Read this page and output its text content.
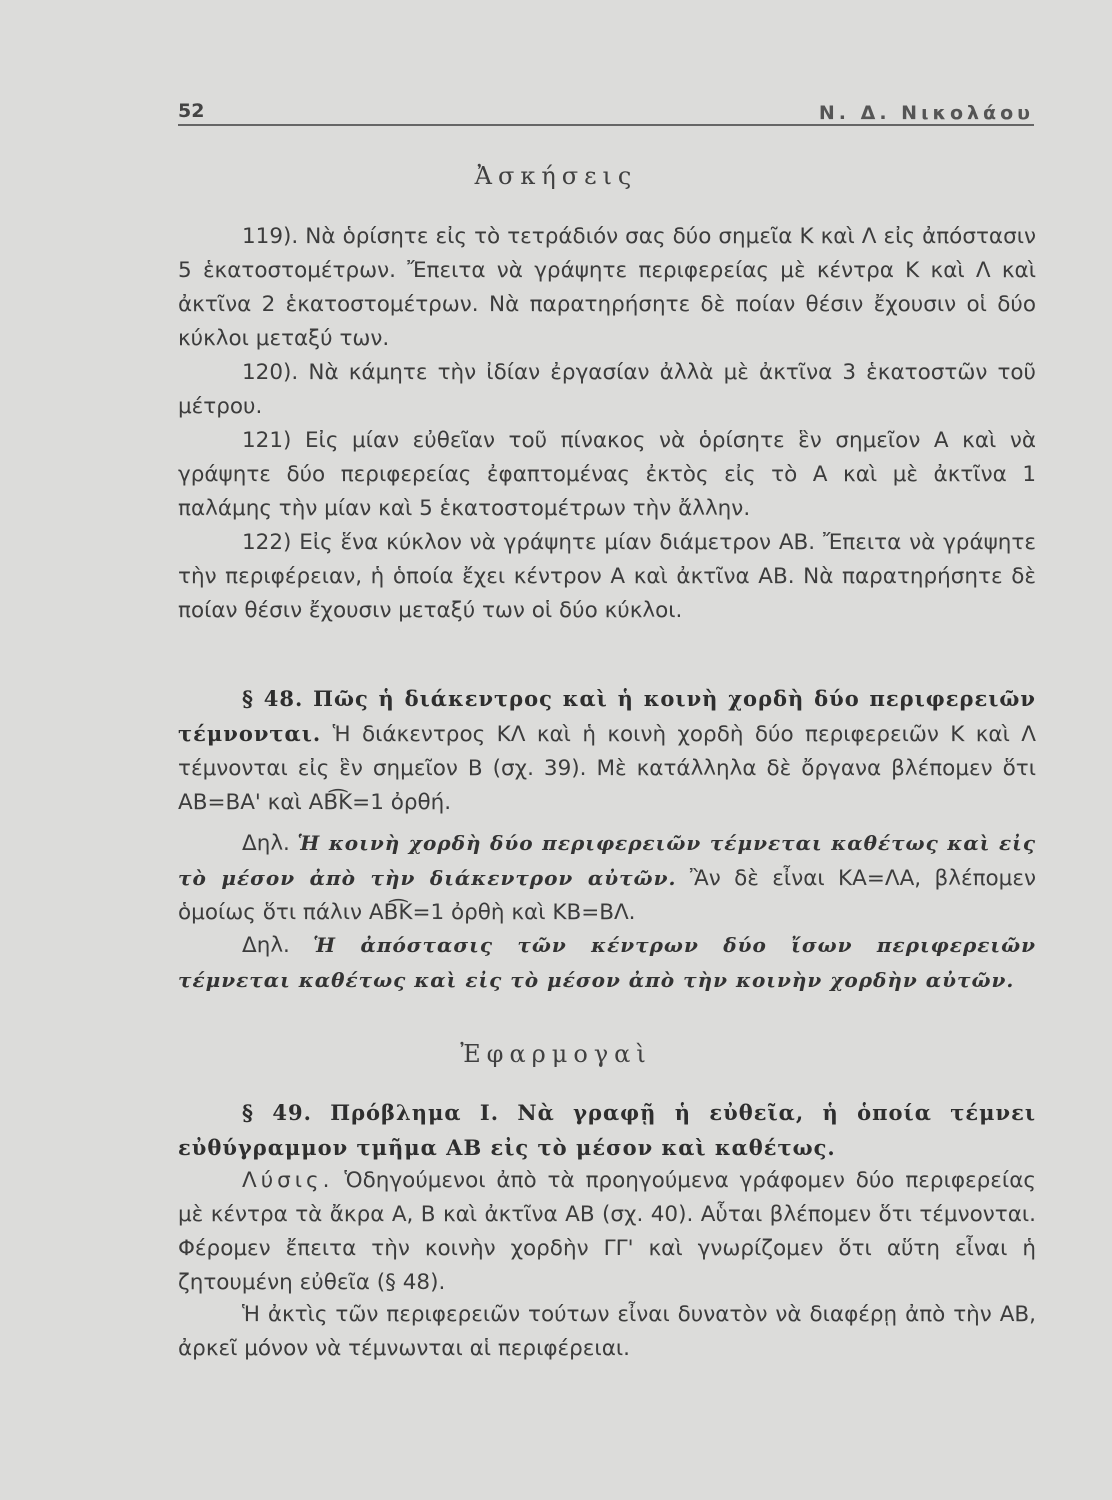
52	Ν. Δ. Νικολάου
Ἀσκήσεις

119). Νὰ ὁρίσητε εἰς τὸ τετράδιόν σας δύο σημεῖα Κ καὶ Λ εἰς ἀπόστασιν 5 ἑκατοστομέτρων. Ἔπειτα νὰ γράψητε περιφερείας μὲ κέντρα Κ καὶ Λ καὶ ἀκτῖνα 2 ἑκατοστομέτρων. Νὰ παρατηρήσητε δὲ ποίαν θέσιν ἔχουσιν οἱ δύο κύκλοι μεταξύ των.

120). Νὰ κάμητε τὴν ἰδίαν ἐργασίαν ἀλλὰ μὲ ἀκτῖνα 3 ἑκατοστῶν τοῦ μέτρου.

121) Εἰς μίαν εὐθεῖαν τοῦ πίνακος νὰ ὁρίσητε ἓν σημεῖον Α καὶ νὰ γράψητε δύο περιφερείας ἐφαπτομένας ἐκτὸς εἰς τὸ Α καὶ μὲ ἀκτῖνα 1 παλάμης τὴν μίαν καὶ 5 ἑκατοστομέτρων τὴν ἄλλην.

122) Εἰς ἕνα κύκλον νὰ γράψητε μίαν διάμετρον ΑΒ. Ἔπειτα νὰ γράψητε τὴν περιφέρειαν, ἡ ὁποία ἔχει κέντρον Α καὶ ἀκτῖνα ΑΒ. Νὰ παρατηρήσητε δὲ ποίαν θέσιν ἔχουσιν μεταξύ των οἱ δύο κύκλοι.

§ 48. Πῶς ἡ διάκεντρος καὶ ἡ κοινὴ χορδὴ δύο περιφερειῶν τέμνονται. Ἡ διάκεντρος ΚΛ καὶ ἡ κοινὴ χορδὴ δύο περιφερειῶν Κ καὶ Λ τέμνονται εἰς ἓν σημεῖον Β (σχ. 39). Μὲ κατάλληλα δὲ ὄργανα βλέπομεν ὅτι ΑΒ=ΒΑ' καὶ ΑΒ͡Κ=1 ὀρθή.

Δηλ. Ἡ κοινὴ χορδὴ δύο περιφερειῶν τέμνεται καθέτως καὶ εἰς τὸ μέσον ἀπὸ τὴν διάκεντρον αὐτῶν. Ἂν δὲ εἶναι ΚΑ=ΛΑ, βλέπομεν ὁμοίως ὅτι πάλιν ΑΒ͡Κ=1 ὀρθὴ καὶ ΚΒ=ΒΛ.

Δηλ. Ἡ ἀπόστασις τῶν κέντρων δύο ἴσων περιφερειῶν τέμνεται καθέτως καὶ εἰς τὸ μέσον ἀπὸ τὴν κοινὴν χορδὴν αὐτῶν.

Ἐφαρμογαὶ

§ 49. Πρόβλημα Ι. Νὰ γραφῇ ἡ εὐθεῖα, ἡ ὁποία τέμνει εὐθύγραμμον τμῆμα ΑΒ εἰς τὸ μέσον καὶ καθέτως.

Λύσις. Ὁδηγούμενοι ἀπὸ τὰ προηγούμενα γράφομεν δύο περιφερείας μὲ κέντρα τὰ ἄκρα Α, Β καὶ ἀκτῖνα ΑΒ (σχ. 40). Αὗται βλέπομεν ὅτι τέμνονται. Φέρομεν ἔπειτα τὴν κοινὴν χορδὴν ΓΓ' καὶ γνωρίζομεν ὅτι αὕτη εἶναι ἡ ζητουμένη εὐθεῖα (§ 48).

Ἡ ἀκτὶς τῶν περιφερειῶν τούτων εἶναι δυνατὸν νὰ διαφέρῃ ἀπὸ τὴν ΑΒ, ἀρκεῖ μόνον νὰ τέμνωνται αἱ περιφέρειαι.
